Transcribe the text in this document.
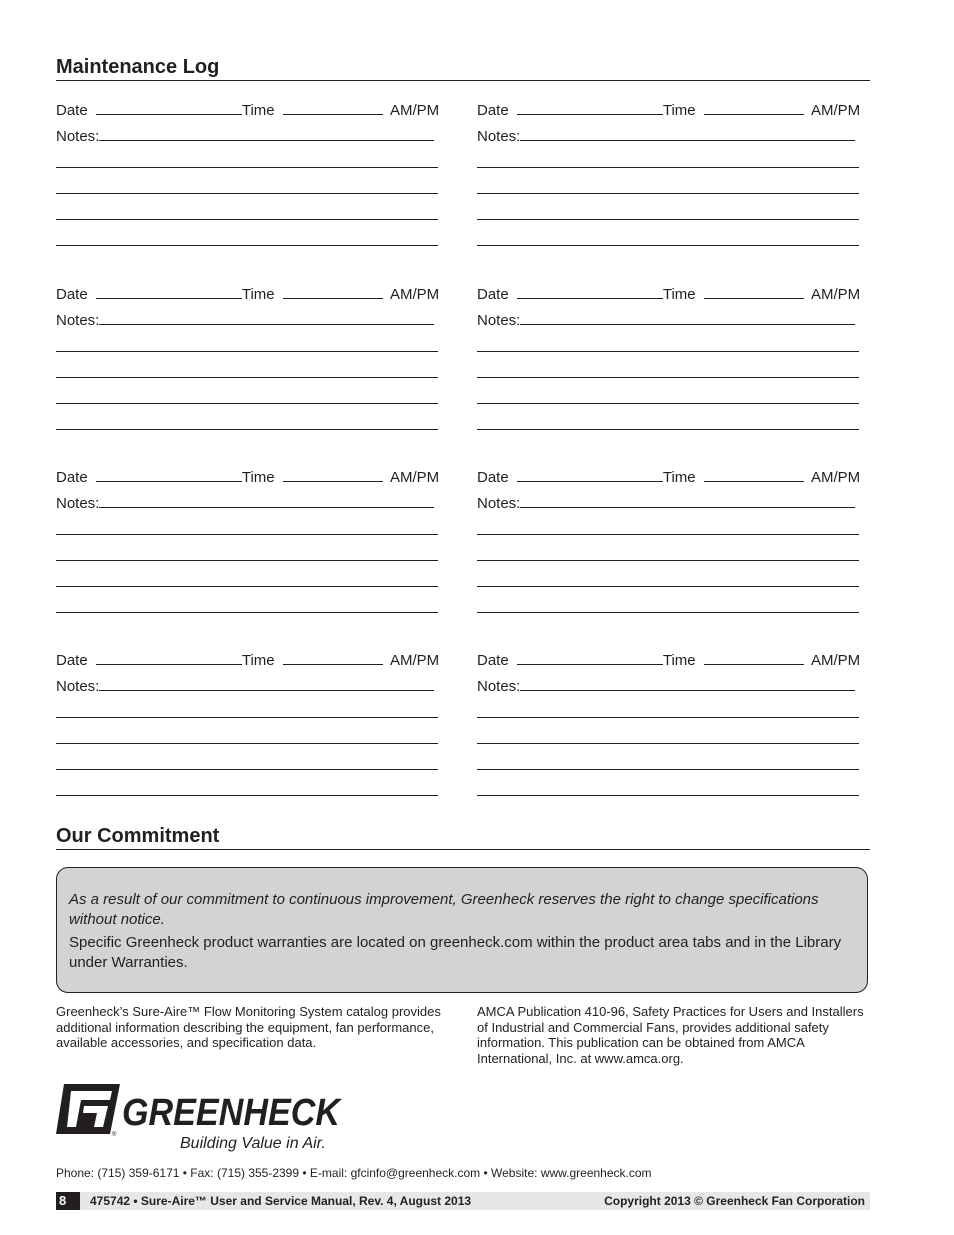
Maintenance Log
Date	Time	AM/PM
Notes:
Date	Time	AM/PM
Notes:
Date	Time	AM/PM
Notes:
Date	Time	AM/PM
Notes:
Date	Time	AM/PM
Notes:
Date	Time	AM/PM
Notes:
Date	Time	AM/PM
Notes:
Date	Time	AM/PM
Notes:
Our Commitment

As a result of our commitment to continuous improvement, Greenheck reserves the right to change specifications without notice.

Specific Greenheck product warranties are located on greenheck.com within the product area tabs and in the Library under Warranties.

Greenheck’s Sure-Aire™ Flow Monitoring System catalog provides additional information describing the equipment, fan performance, available accessories, and specification data.
AMCA Publication 410-96, Safety Practices for Users and Installers of Industrial and Commercial Fans, provides additional safety information. This publication can be obtained from AMCA International, Inc. at www.amca.org.
®
GREENHECK
Building Value in Air.
Phone: (715) 359-6171 • Fax: (715) 355-2399 • E-mail: gfcinfo@greenheck.com • Website: www.greenheck.com
8	475742 • Sure-Aire™ User and Service Manual, Rev. 4, August 2013	Copyright 2013 © Greenheck Fan Corporation
